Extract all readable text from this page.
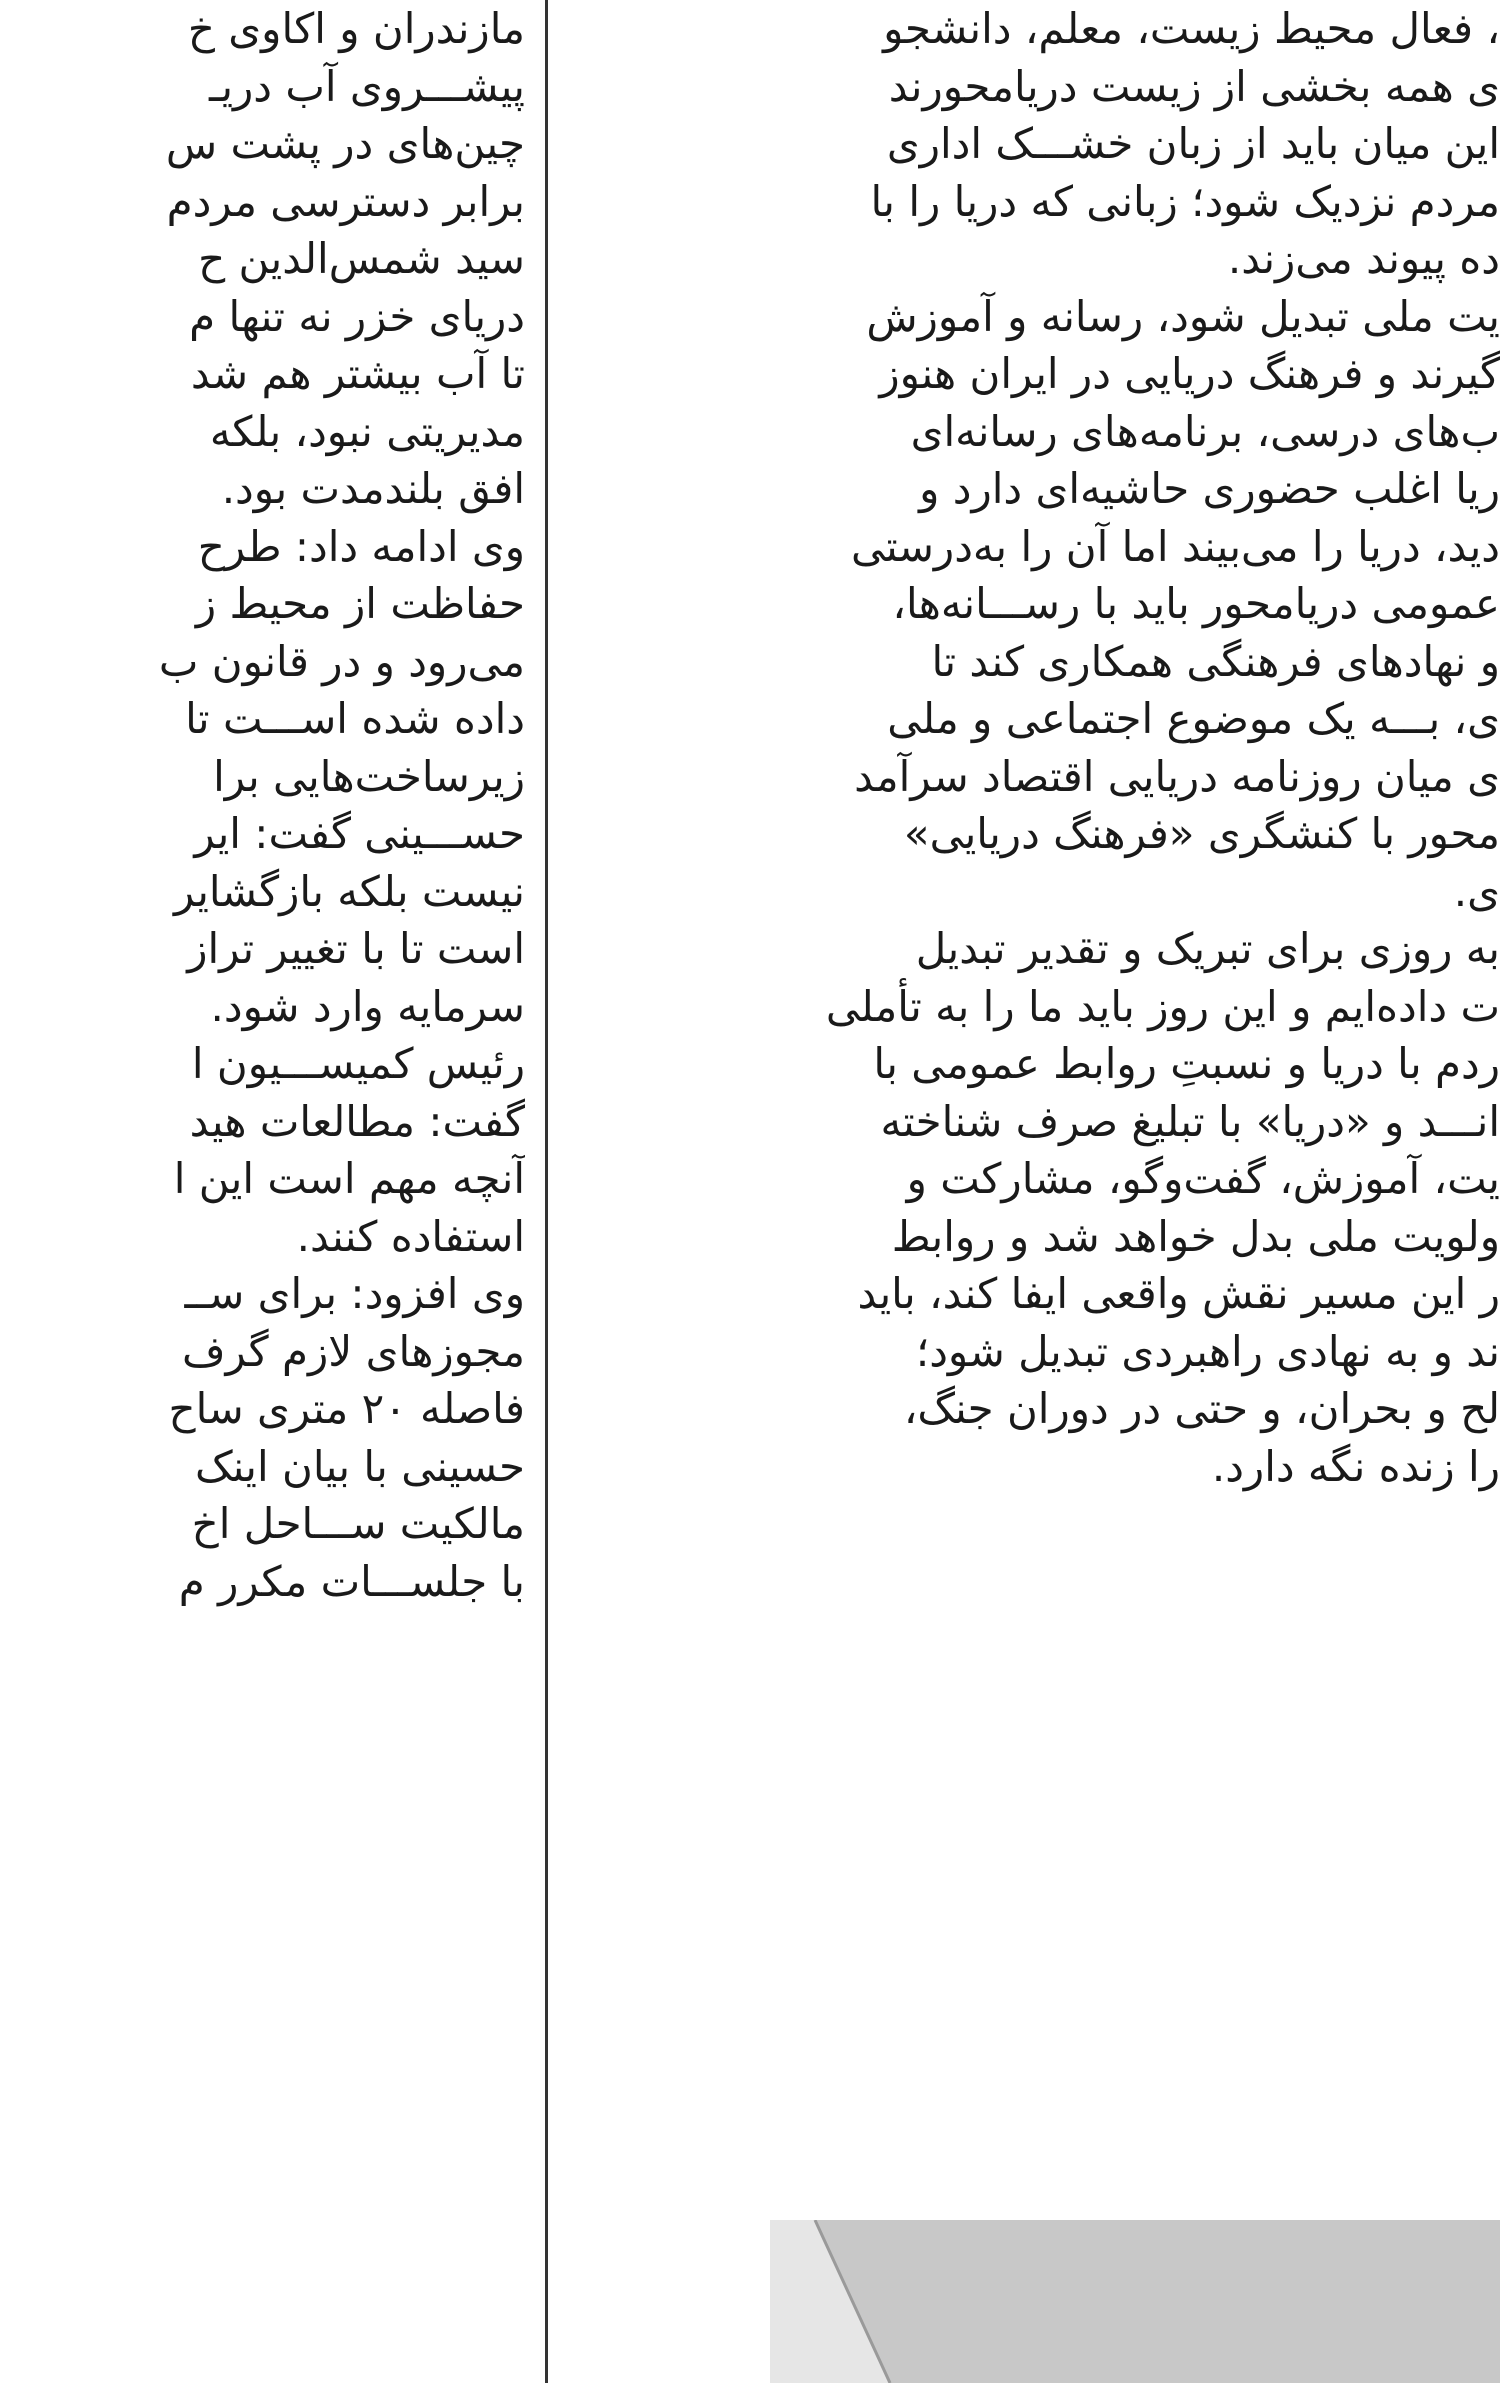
مازندران و اکاوی خ
پیشـــروی آب دریـ
چین‌های در پشت س
برابر دسترسی مردم
سید شمس‌الدین ح
دریای خزر نه تنها م
تا آب بیشتر هم شد
مدیریتی نبود، بلکه
افق بلندمدت بود.
وی ادامه داد: طرح
حفاظت از محیط ز
می‌رود و در قانون ب
داده شده اســـت تا
زیرساخت‌هایی برا
حســـینی گفت: ایر
نیست بلکه بازگشایر
است تا با تغییر تراز
سرمایه وارد شود.
رئیس کمیســـیون ا
گفت: مطالعات هید
آنچه مهم است این ا
استفاده کنند.
وی افزود: برای ســ
مجوزهای لازم گرف
فاصله ۲۰ متری ساح
حسینی با بیان اینک
مالکیت ســـاحل اخ
با جلســـات مکرر م
، فعال محیط زیست، معلم، دانشجو
ی همه بخشی از زیست دریامحورند
این میان باید از زبان خشـــک اداری
مردم نزدیک شود؛ زبانی که دریا را با
ده پیوند می‌زند.
یت ملی تبدیل شود، رسانه و آموزش
گیرند و فرهنگ دریایی در ایران هنوز
ب‌های درسی، برنامه‌های رسانه‌ای
ریا اغلب حضوری حاشیه‌ای دارد و
دید، دریا را می‌بیند اما آن را به‌درستی
عمومی دریامحور باید با رســـانه‌ها،
و نهادهای فرهنگی همکاری کند تا
ی، بـــه یک موضوع اجتماعی و ملی
ی میان روزنامه دریایی اقتصاد سرآمد
محور با کنشگری «فرهنگ دریایی»
ی.
به روزی برای تبریک و تقدیر تبدیل
ت داده‌ایم و این روز باید ما را به تأملی
ردم با دریا و نسبتِ روابط عمومی با
انـــد و «دریا» با تبلیغ صرف شناخته
یت، آموزش، گفت‌وگو، مشارکت و
ولویت ملی بدل خواهد شد و روابط
ر این مسیر نقش واقعی ایفا کند، باید
ند و به نهادی راهبردی تبدیل شود؛
لح و بحران، و حتی در دوران جنگ،
را زنده نگه دارد.
